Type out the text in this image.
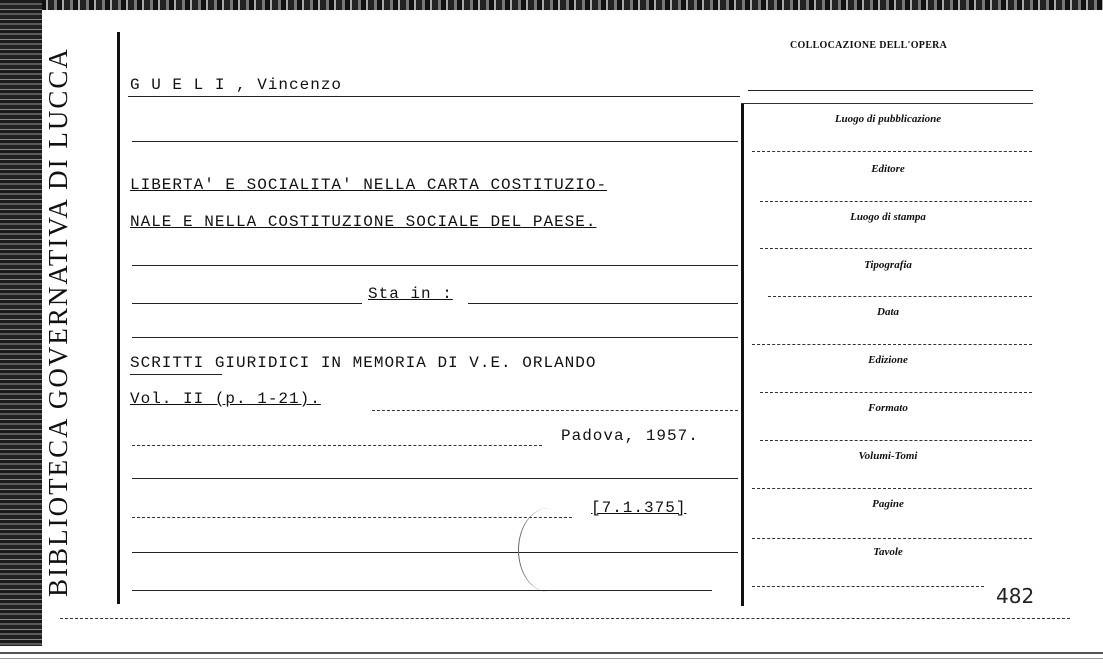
BIBLIOTECA GOVERNATIVA DI LUCCA
COLLOCAZIONE DELL'OPERA
G U E L I , Vincenzo
LIBERTA' E SOCIALITA' NELLA CARTA COSTITUZIO-
NALE E NELLA COSTITUZIONE SOCIALE DEL PAESE.
Sta in :
SCRITTI GIURIDICI IN MEMORIA DI V.E. ORLANDO
Vol. II (p. 1-21).
Padova, 1957.
[7.1.375]
Luogo di pubblicazione
Editore
Luogo di stampa
Tipografia
Data
Edizione
Formato
Volumi-Tomi
Pagine
Tavole
482
